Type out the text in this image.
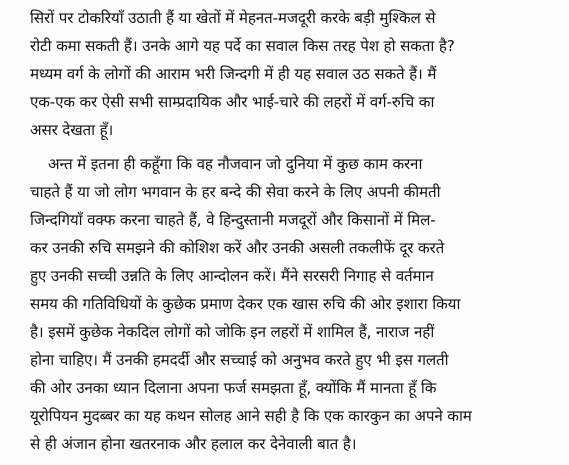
सिरों पर टोकरियाँ उठाती हैं या खेतों में मेहनत-मजदूरी करके बड़ी मुश्किल से
रोटी कमा सकती हैं। उनके आगे यह पर्दे का सवाल किस तरह पेश हो सकता है?
मध्यम वर्ग के लोगों की आराम भरी जिन्दगी में ही यह सवाल उठ सकते हैं। मैं
एक-एक कर ऐसी सभी साम्प्रदायिक और भाई-चारे की लहरों में वर्ग-रुचि का
असर देखता हूँ।
अन्त में इतना ही कहूँगा कि वह नौजवान जो दुनिया में कुछ काम करना
चाहते हैं या जो लोग भगवान के हर बन्दे की सेवा करने के लिए अपनी कीमती
जिन्दगियाँ वक्फ करना चाहते हैं, वे हिन्दुस्तानी मजदूरों और किसानों में मिल-
कर उनकी रुचि समझने की कोशिश करें और उनकी असली तकलीफें दूर करते
हुए उनकी सच्ची उन्नति के लिए आन्दोलन करें। मैंने सरसरी निगाह से वर्तमान
समय की गतिविधियों के कुछेक प्रमाण देकर एक खास रुचि की ओर इशारा किया
है। इसमें कुछेक नेकदिल लोगों को जोकि इन लहरों में शामिल हैं, नाराज नहीं
होना चाहिए। मैं उनकी हमदर्दी और सच्चाई को अनुभव करते हुए भी इस गलती
की ओर उनका ध्यान दिलाना अपना फर्ज समझता हूँ, क्योंकि मैं मानता हूँ कि
यूरोपियन मुदब्बर का यह कथन सोलह आने सही है कि एक कारकुन का अपने काम
से ही अंजान होना खतरनाक और हलाल कर देनेवाली बात है।
